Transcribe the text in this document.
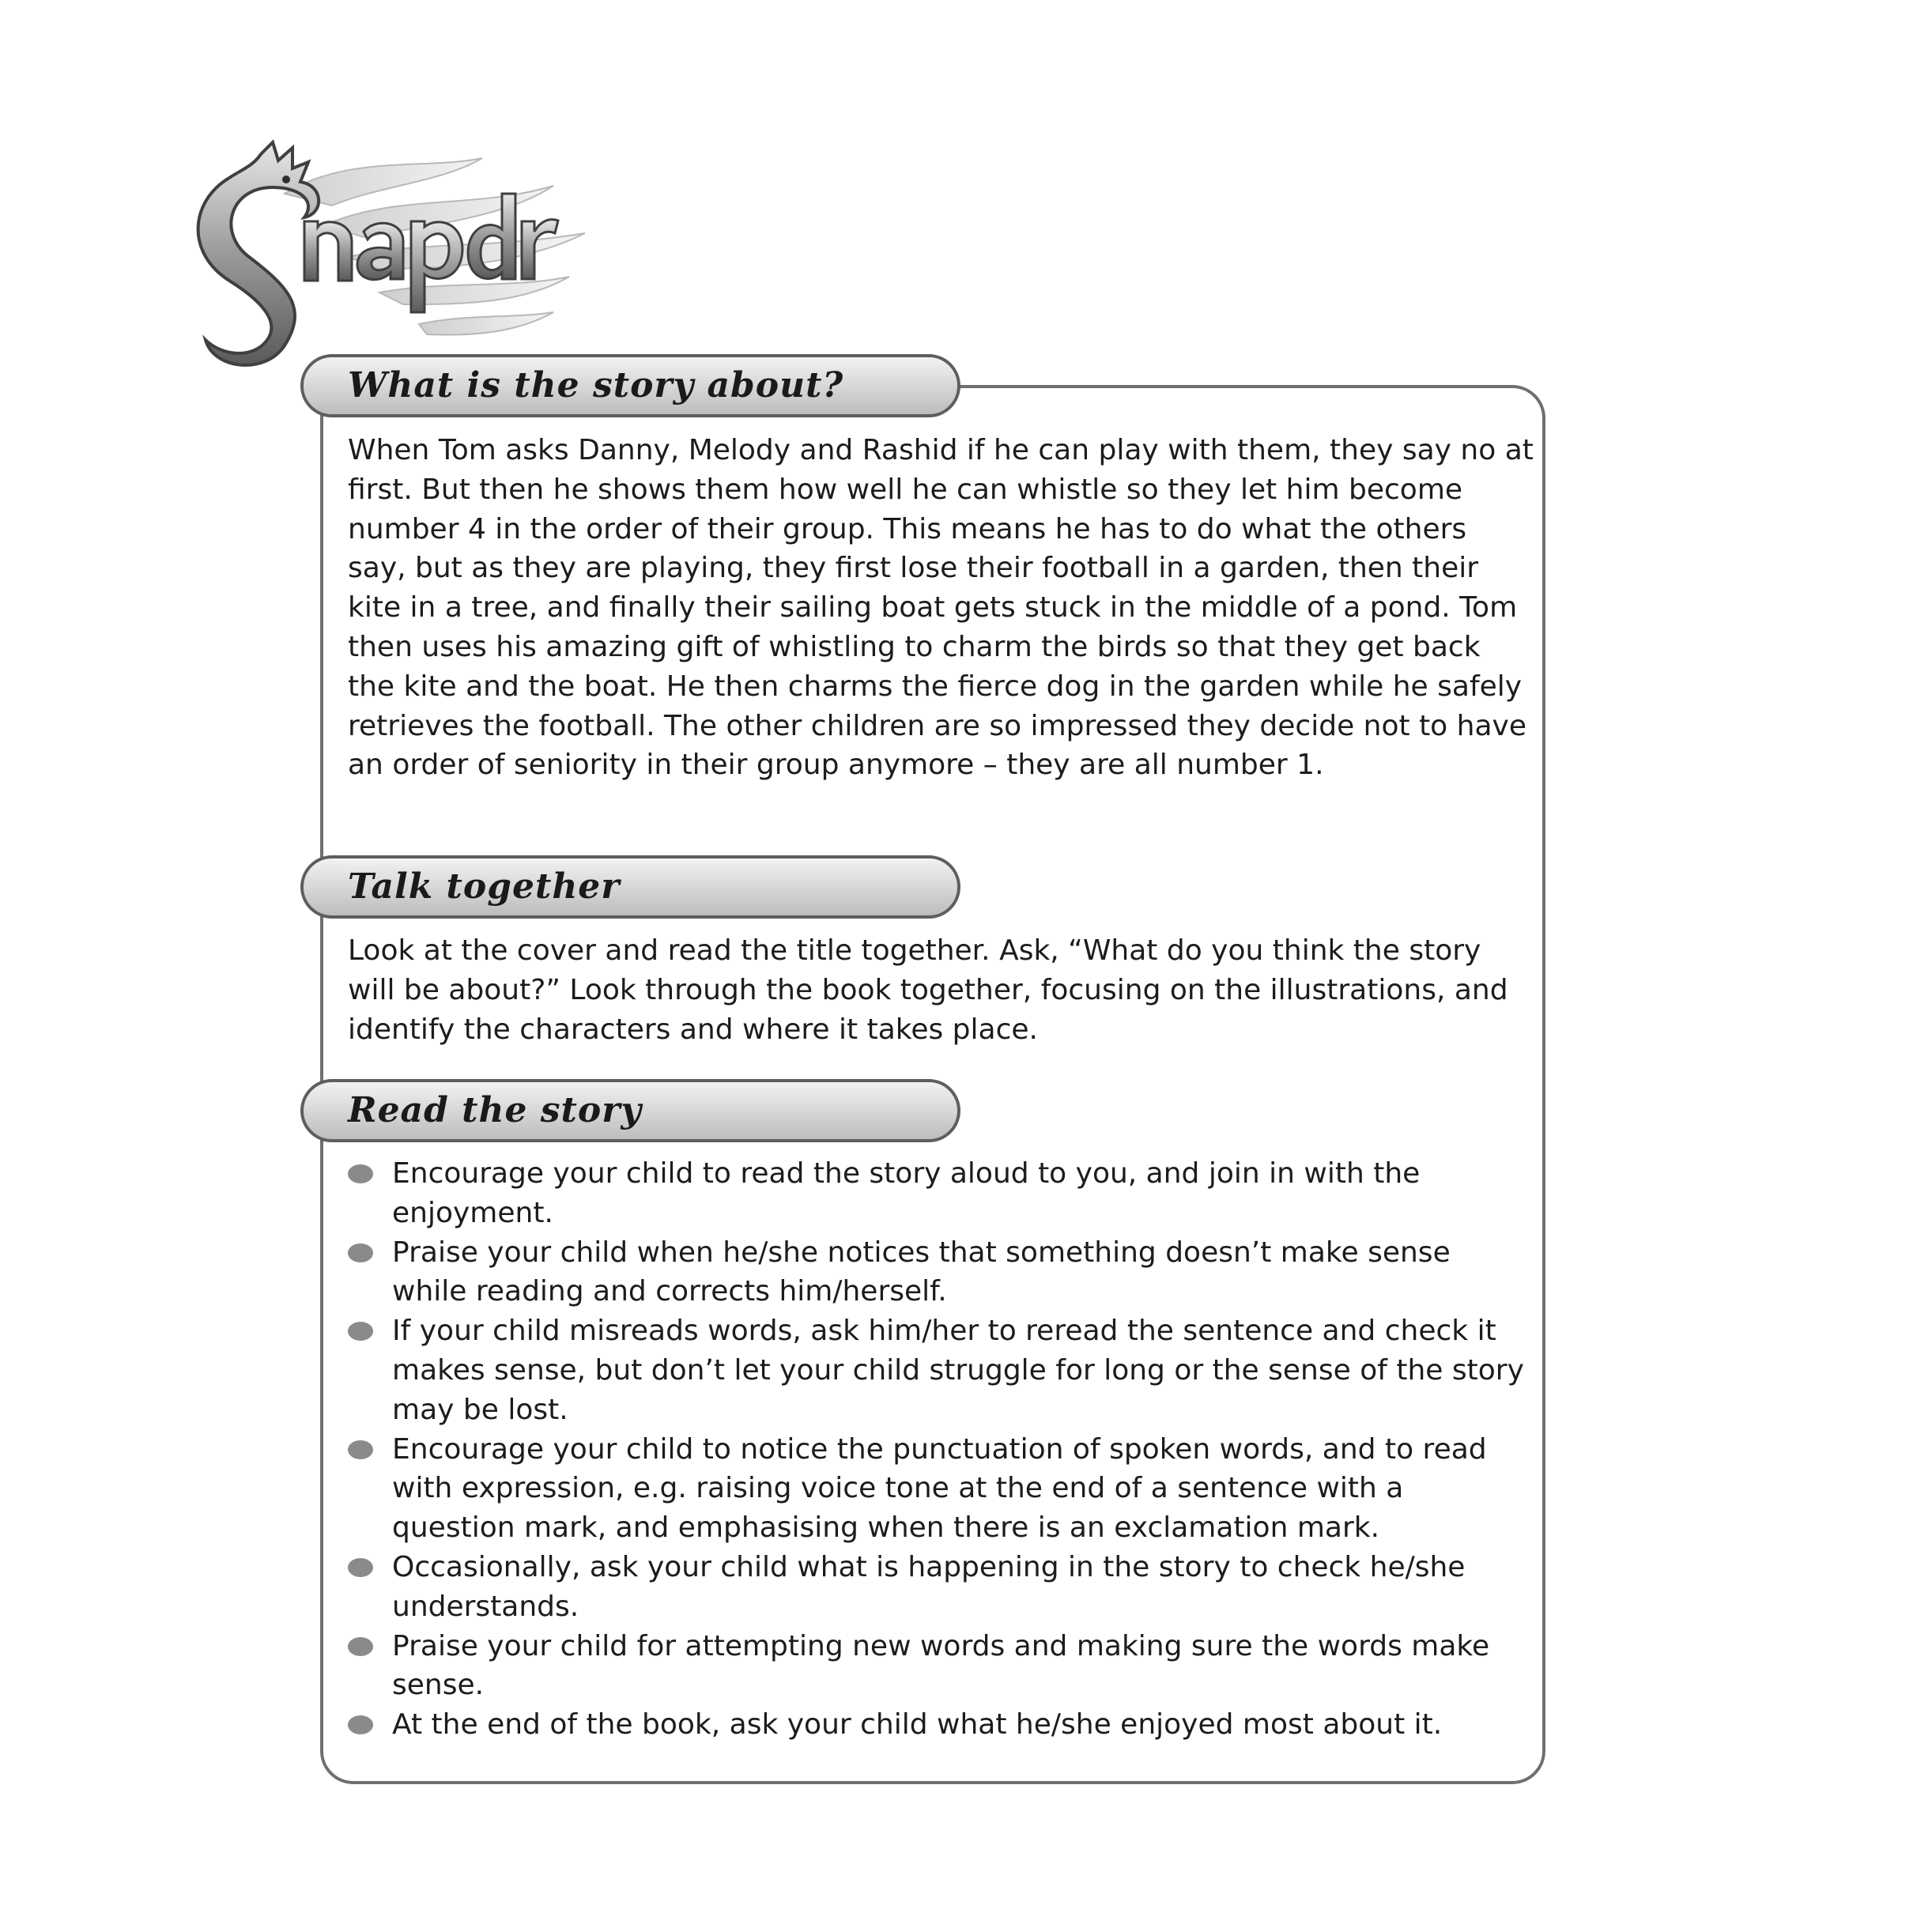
What is the story about?

When Tom asks Danny, Melody and Rashid if he can play with them, they say no at first. But then he shows them how well he can whistle so they let him become number 4 in the order of their group. This means he has to do what the others say, but as they are playing, they first lose their football in a garden, then their kite in a tree, and finally their sailing boat gets stuck in the middle of a pond. Tom then uses his amazing gift of whistling to charm the birds so that they get back the kite and the boat. He then charms the fierce dog in the garden while he safely retrieves the football. The other children are so impressed they decide not to have an order of seniority in their group anymore – they are all number 1.

Talk together

Look at the cover and read the title together. Ask, “What do you think the story will be about?” Look through the book together, focusing on the illustrations, and identify the characters and where it takes place.

Read the story
Encourage your child to read the story aloud to you, and join in with the enjoyment.
Praise your child when he/she notices that something doesn’t make sense while reading and corrects him/herself.
If your child misreads words, ask him/her to reread the sentence and check it makes sense, but don’t let your child struggle for long or the sense of the story may be lost.
Encourage your child to notice the punctuation of spoken words, and to read with expression, e.g. raising voice tone at the end of a sentence with a question mark, and emphasising when there is an exclamation mark.
Occasionally, ask your child what is happening in the story to check he/she understands.
Praise your child for attempting new words and making sure the words make sense.
At the end of the book, ask your child what he/she enjoyed most about it.
